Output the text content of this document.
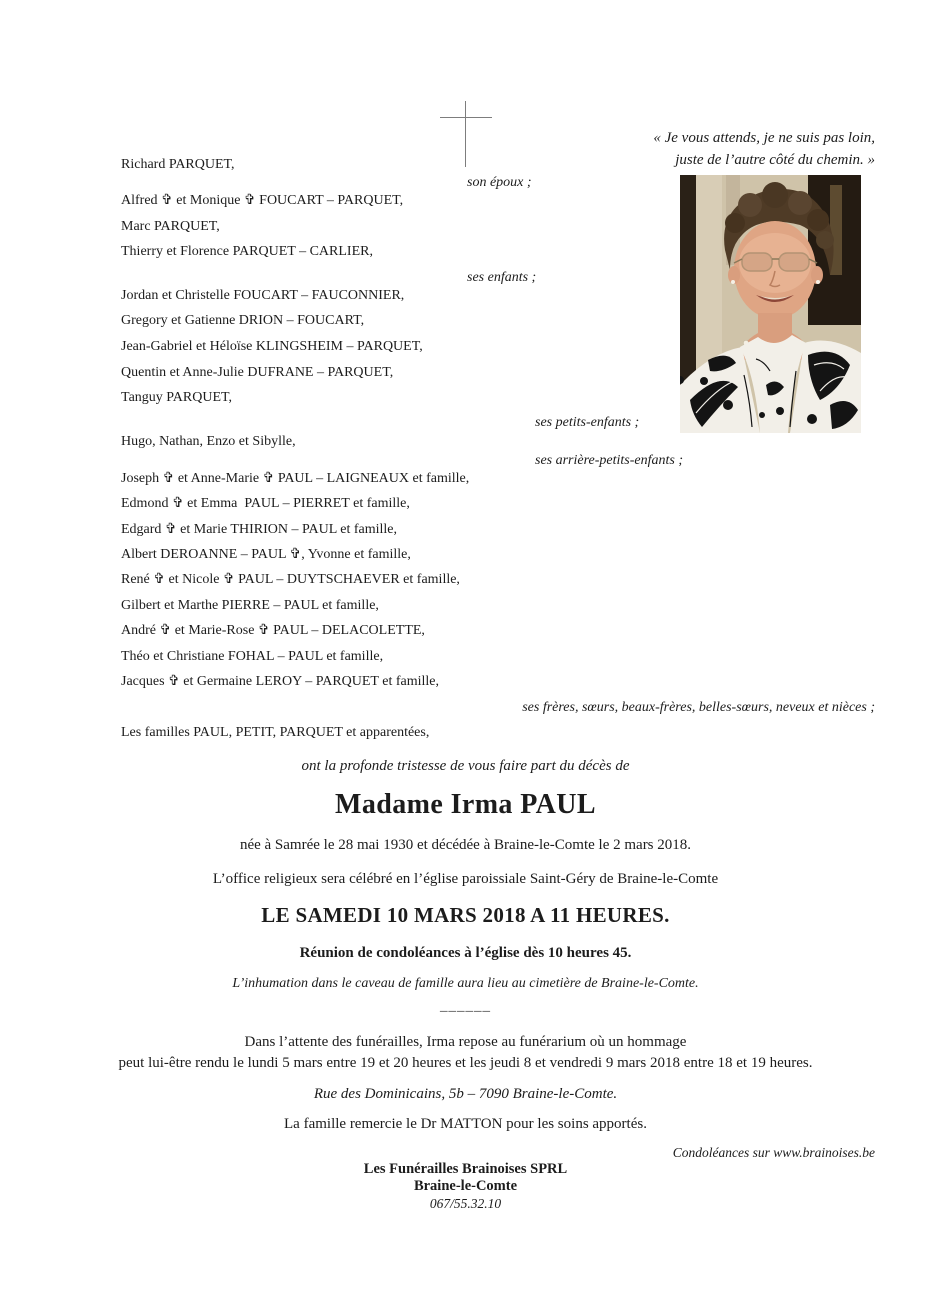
« Je vous attends, je ne suis pas loin,
juste de l’autre côté du chemin. »
Richard PARQUET,
son époux ;
Alfred ✞ et Monique ✞ FOUCART – PARQUET,
Marc PARQUET,
Thierry et Florence PARQUET – CARLIER,
ses enfants ;
Jordan et Christelle FOUCART – FAUCONNIER,
Gregory et Gatienne DRION – FOUCART,
Jean-Gabriel et Héloïse KLINGSHEIM – PARQUET,
Quentin et Anne-Julie DUFRANE – PARQUET,
Tanguy PARQUET,
ses petits-enfants ;
Hugo, Nathan, Enzo et Sibylle,
ses arrière-petits-enfants ;
Joseph ✞ et Anne-Marie ✞ PAUL – LAIGNEAUX et famille,
Edmond ✞ et Emma  PAUL – PIERRET et famille,
Edgard ✞ et Marie THIRION – PAUL et famille,
Albert DEROANNE – PAUL ✞, Yvonne et famille,
René ✞ et Nicole ✞ PAUL – DUYTSCHAEVER et famille,
Gilbert et Marthe PIERRE – PAUL et famille,
André ✞ et Marie-Rose ✞ PAUL – DELACOLETTE,
Théo et Christiane FOHAL – PAUL et famille,
Jacques ✞ et Germaine LEROY – PARQUET et famille,
ses frères, sœurs, beaux-frères, belles-sœurs, neveux et nièces ;
Les familles PAUL, PETIT, PARQUET et apparentées,
ont la profonde tristesse de vous faire part du décès de
Madame Irma PAUL
née à Samrée le 28 mai 1930 et décédée à Braine-le-Comte le 2 mars 2018.
L’office religieux sera célébré en l’église paroissiale Saint-Géry de Braine-le-Comte
LE SAMEDI 10 MARS 2018 A 11 HEURES.
Réunion de condoléances à l’église dès 10 heures 45.
L’inhumation dans le caveau de famille aura lieu au cimetière de Braine-le-Comte.
______
Dans l’attente des funérailles, Irma repose au funérarium où un hommage
peut lui-être rendu le lundi 5 mars entre 19 et 20 heures et les jeudi 8 et vendredi 9 mars 2018 entre 18 et 19 heures.
Rue des Dominicains, 5b – 7090 Braine-le-Comte.
La famille remercie le Dr MATTON pour les soins apportés.
Condoléances sur www.brainoises.be
Les Funérailles Brainoises SPRL
Braine-le-Comte
067/55.32.10
